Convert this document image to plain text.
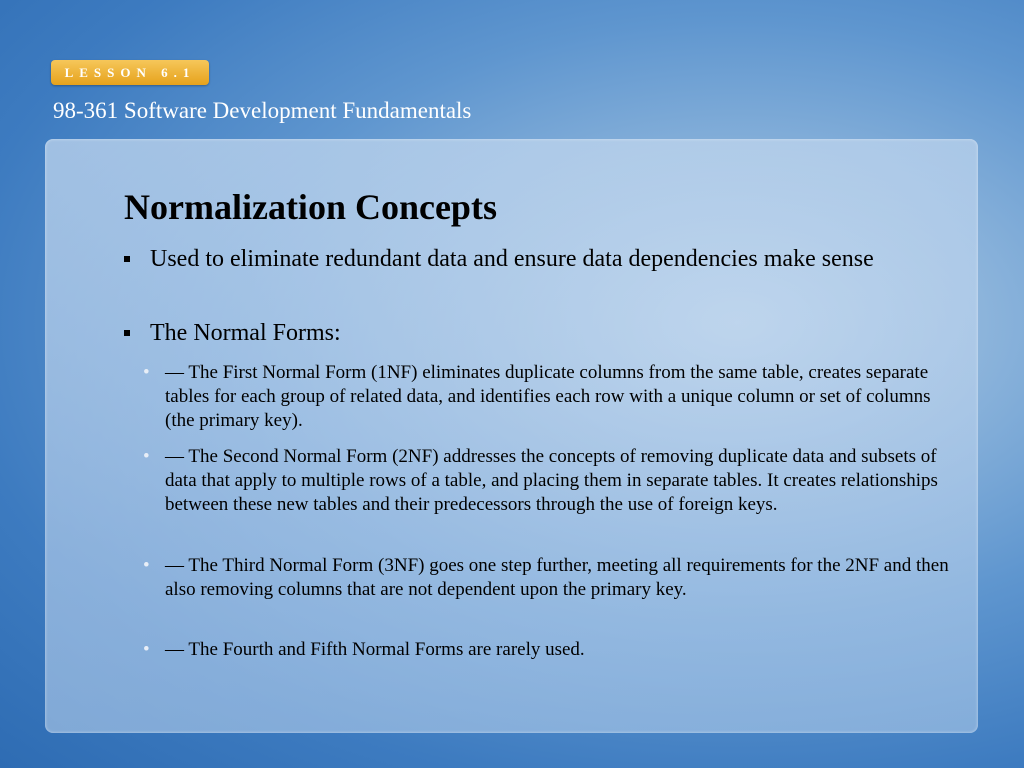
LESSON 6.1
98-361 Software Development Fundamentals
Normalization Concepts
Used to eliminate redundant data and ensure data dependencies make sense
The Normal Forms:
• — The First Normal Form (1NF) eliminates duplicate columns from the same table, creates separate tables for each group of related data, and identifies each row with a unique column or set of columns (the primary key).
• — The Second Normal Form (2NF) addresses the concepts of removing duplicate data and subsets of data that apply to multiple rows of a table, and placing them in separate tables. It creates relationships between these new tables and their predecessors through the use of foreign keys.
• — The Third Normal Form (3NF) goes one step further, meeting all requirements for the 2NF and then also removing columns that are not dependent upon the primary key.
• — The Fourth and Fifth Normal Forms are rarely used.
